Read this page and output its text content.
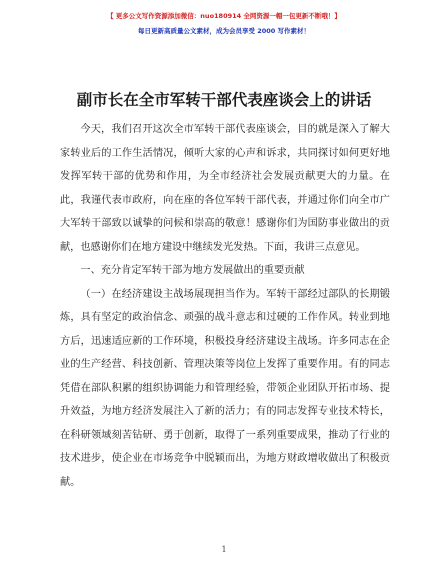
【 更多公文写作资源添加微信：nuo180914 全网资源一帽一包更新不断哦！】
每日更新高质量公文素材，成为会员享受 2000 写作素材！
副市长在全市军转干部代表座谈会上的讲话

今天，我们召开这次全市军转干部代表座谈会，目的就是深入了解大家转业后的工作生活情况，倾听大家的心声和诉求，共同探讨如何更好地发挥军转干部的优势和作用，为全市经济社会发展贡献更大的力量。在此，我谨代表市政府，向在座的各位军转干部代表，并通过你们向全市广大军转干部致以诚挚的问候和崇高的敬意！感谢你们为国防事业做出的贡献，也感谢你们在地方建设中继续发光发热。下面，我讲三点意见。

一、充分肯定军转干部为地方发展做出的重要贡献

（一）在经济建设主战场展现担当作为。军转干部经过部队的长期锻炼，具有坚定的政治信念、顽强的战斗意志和过硬的工作作风。转业到地方后，迅速适应新的工作环境，积极投身经济建设主战场。许多同志在企业的生产经营、科技创新、管理决策等岗位上发挥了重要作用。有的同志凭借在部队积累的组织协调能力和管理经验，带领企业团队开拓市场、提升效益，为地方经济发展注入了新的活力；有的同志发挥专业技术特长，在科研领域刻苦钻研、勇于创新，取得了一系列重要成果，推动了行业的技术进步，使企业在市场竞争中脱颖而出，为地方财政增收做出了积极贡献。

1
